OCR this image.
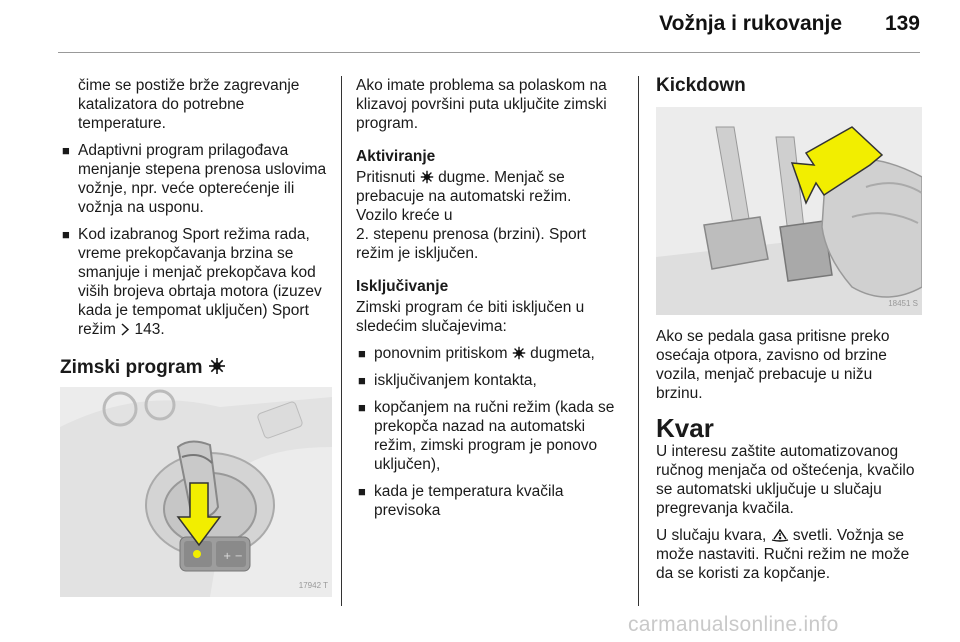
Vožnja i rukovanje 139
čime se postiže brže zagrevanje katalizatora do potrebne temperature.
■ Adaptivni program prilagođava menjanje stepena prenosa uslovima vožnje, npr. veće opterećenje ili vožnja na usponu.
■ Kod izabranog Sport režima rada, vreme prekopčavanja brzina se smanjuje i menjač prekopčava kod viših brojeva obrtaja motora (izuzev kada je tempomat uključen) Sport režim 143.
Zimski program
+ −
17942 T

Ako imate problema sa polaskom na klizavoj površini puta uključite zimski program.

Aktiviranje

Pritisnuti dugme. Menjač se prebacuje na automatski režim.

Vozilo kreće u

2. stepenu prenosa (brzini). Sport režim je isključen.

Isključivanje

Zimski program će biti isključen u sledećim slučajevima:

■ ponovnim pritiskom dugmeta,
■ isključivanjem kontakta,
■ kopčanjem na ručni režim (kada se prekopča nazad na automatski režim, zimski program je ponovo uključen),
■ kada je temperatura kvačila previsoka
Kickdown
18451 S

Ako se pedala gasa pritisne preko osećaja otpora, zavisno od brzine vozila, menjač prebacuje u nižu brzinu.

Kvar

U interesu zaštite automatizovanog ručnog menjača od oštećenja, kvačilo se automatski uključuje u slučaju pregrevanja kvačila.

U slučaju kvara, svetli. Vožnja se može nastaviti. Ručni režim ne može da se koristi za kopčanje.

carmanualsonline.info
